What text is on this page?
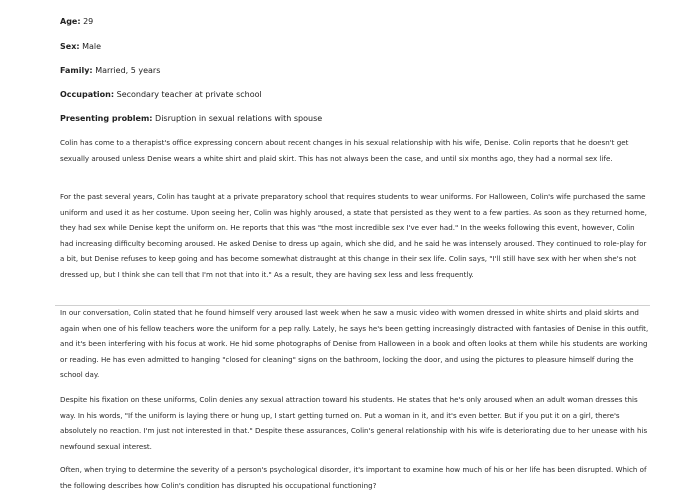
Age: 29
Sex: Male
Family: Married, 5 years
Occupation: Secondary teacher at private school
Presenting problem: Disruption in sexual relations with spouse
Colin has come to a therapist's office expressing concern about recent changes in his sexual relationship with his wife, Denise. Colin reports that he doesn't get sexually aroused unless Denise wears a white shirt and plaid skirt. This has not always been the case, and until six months ago, they had a normal sex life.
For the past several years, Colin has taught at a private preparatory school that requires students to wear uniforms. For Halloween, Colin's wife purchased the same uniform and used it as her costume. Upon seeing her, Colin was highly aroused, a state that persisted as they went to a few parties. As soon as they returned home, they had sex while Denise kept the uniform on. He reports that this was "the most incredible sex I've ever had." In the weeks following this event, however, Colin had increasing difficulty becoming aroused. He asked Denise to dress up again, which she did, and he said he was intensely aroused. They continued to role-play for a bit, but Denise refuses to keep going and has become somewhat distraught at this change in their sex life. Colin says, "I'll still have sex with her when she's not dressed up, but I think she can tell that I'm not that into it." As a result, they are having sex less and less frequently.
In our conversation, Colin stated that he found himself very aroused last week when he saw a music video with women dressed in white shirts and plaid skirts and again when one of his fellow teachers wore the uniform for a pep rally. Lately, he says he's been getting increasingly distracted with fantasies of Denise in this outfit, and it's been interfering with his focus at work. He hid some photographs of Denise from Halloween in a book and often looks at them while his students are working or reading. He has even admitted to hanging "closed for cleaning" signs on the bathroom, locking the door, and using the pictures to pleasure himself during the school day.
Despite his fixation on these uniforms, Colin denies any sexual attraction toward his students. He states that he's only aroused when an adult woman dresses this way. In his words, "If the uniform is laying there or hung up, I start getting turned on. Put a woman in it, and it's even better. But if you put it on a girl, there's absolutely no reaction. I'm just not interested in that." Despite these assurances, Colin's general relationship with his wife is deteriorating due to her unease with his newfound sexual interest.
Often, when trying to determine the severity of a person's psychological disorder, it's important to examine how much of his or her life has been disrupted. Which of the following describes how Colin's condition has disrupted his occupational functioning?
